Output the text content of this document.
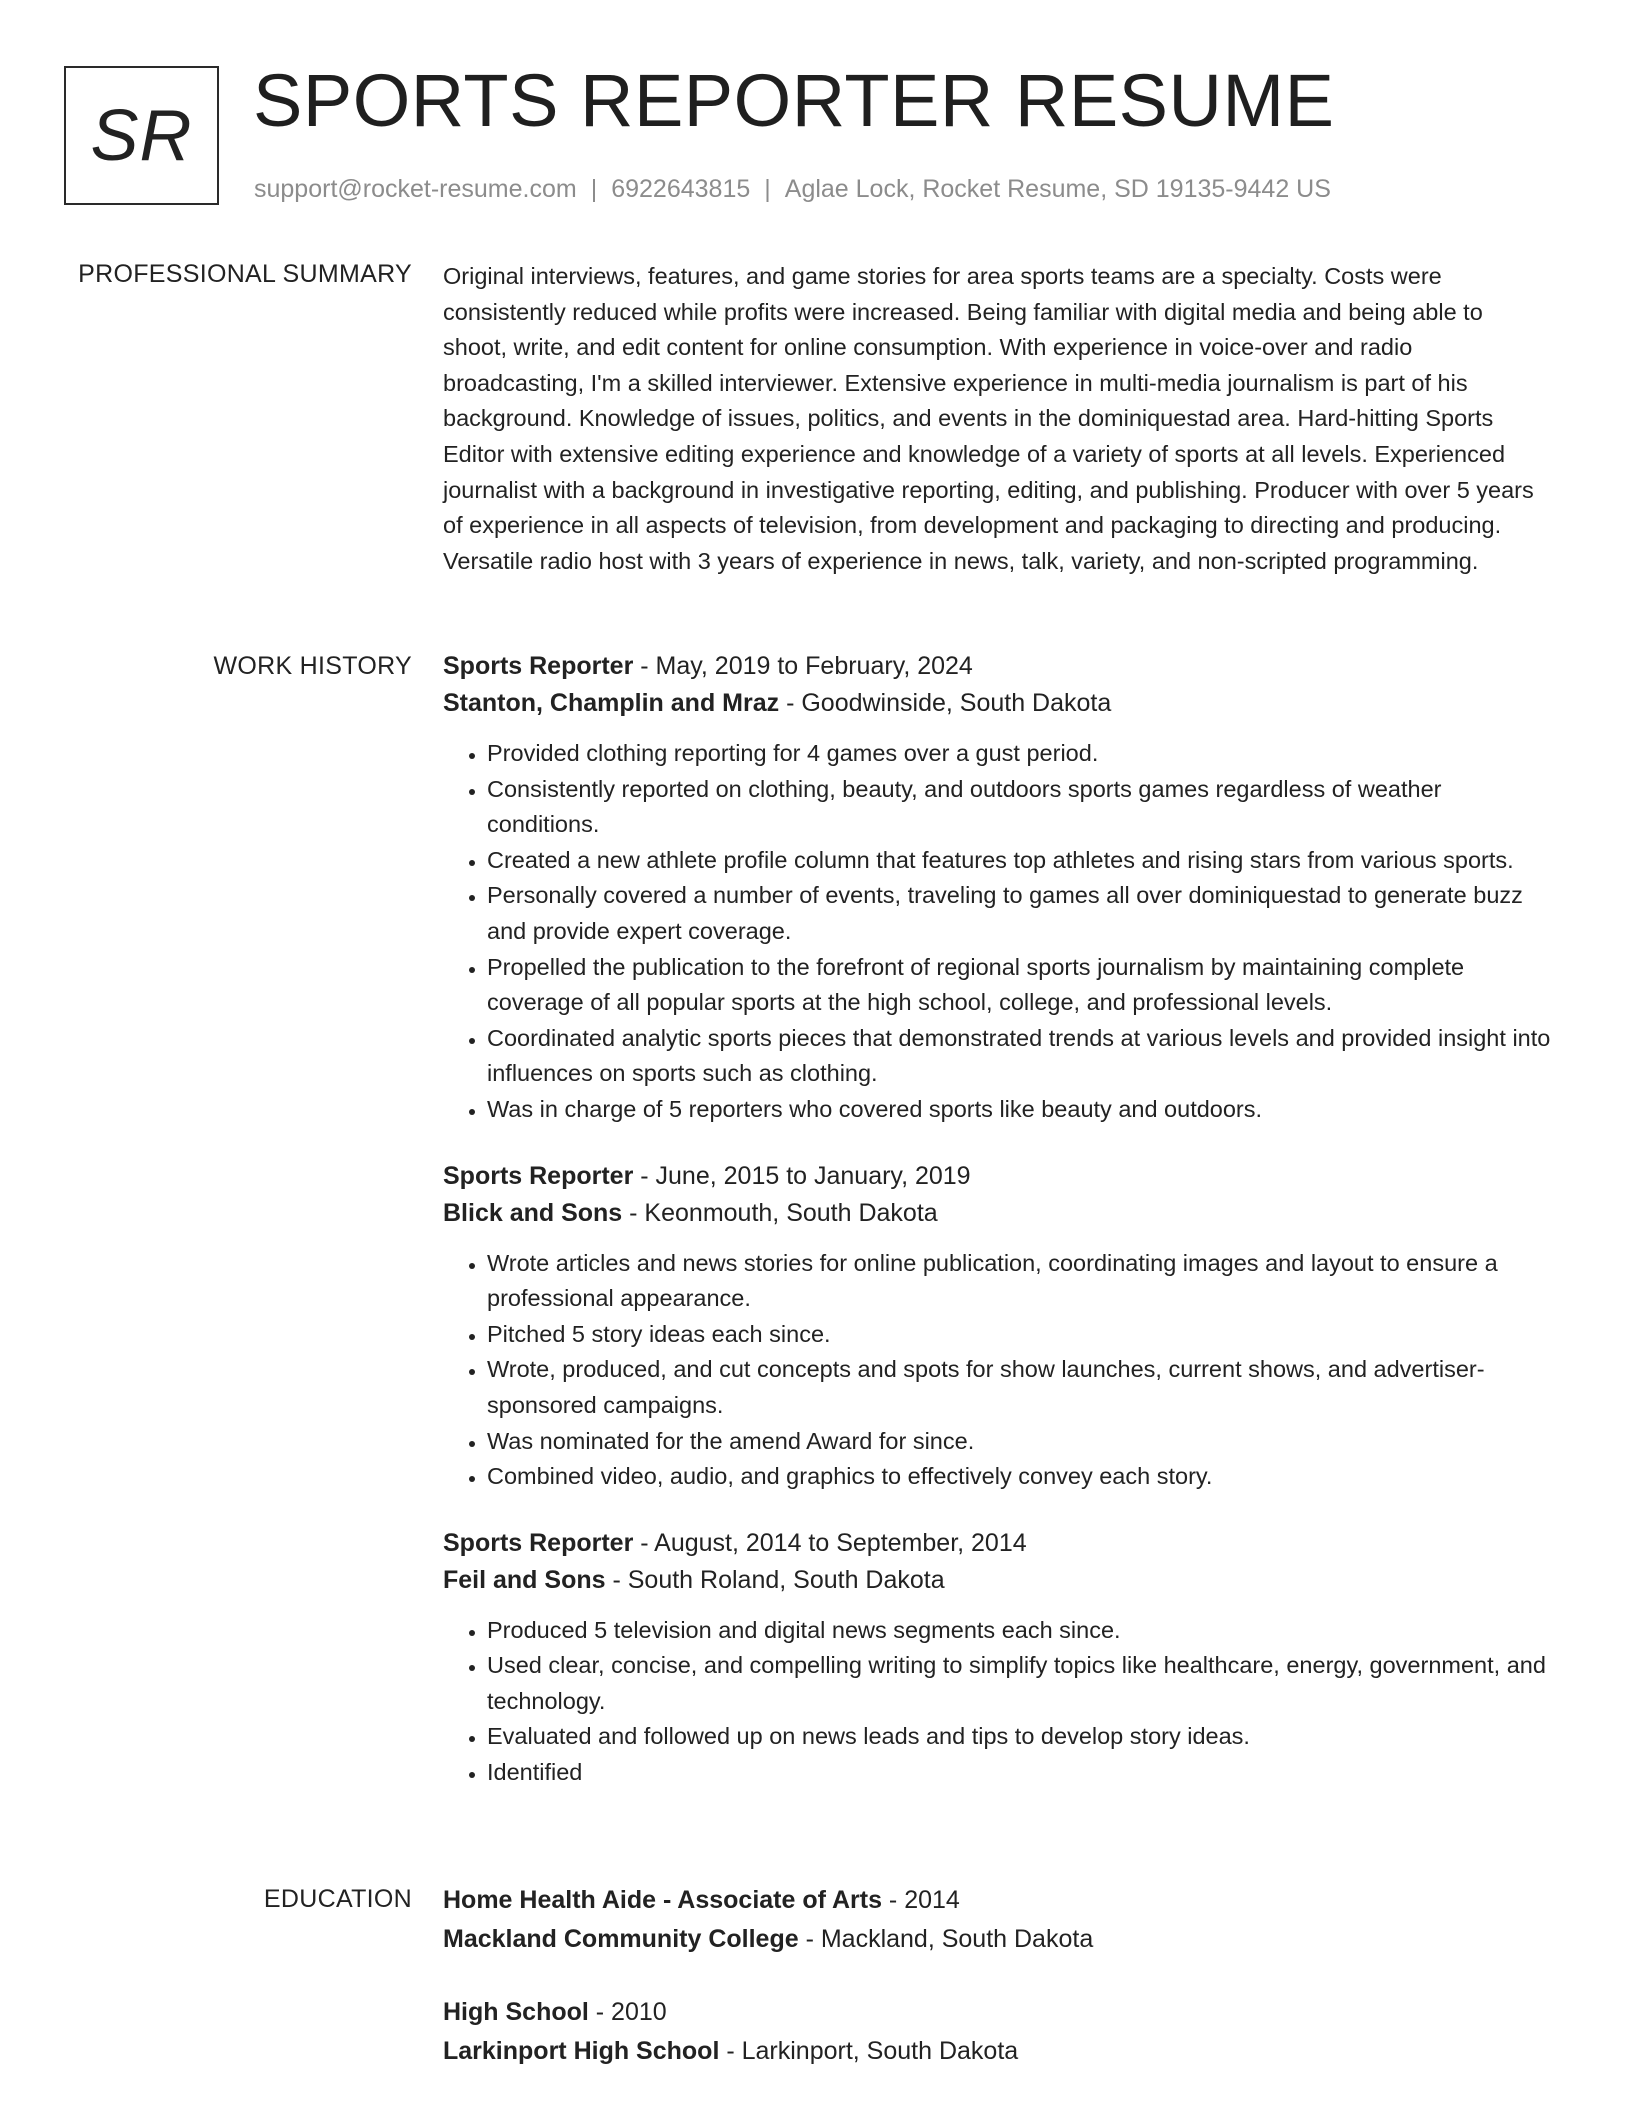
SR SPORTS REPORTER RESUME
support@rocket-resume.com | 6922643815 | Aglae Lock, Rocket Resume, SD 19135-9442 US
PROFESSIONAL SUMMARY Original interviews, features, and game stories for area sports teams are a specialty. Costs were consistently reduced while profits were increased. Being familiar with digital media and being able to shoot, write, and edit content for online consumption. With experience in voice-over and radio broadcasting, I'm a skilled interviewer. Extensive experience in multi-media journalism is part of his background. Knowledge of issues, politics, and events in the dominiquestad area. Hard-hitting Sports Editor with extensive editing experience and knowledge of a variety of sports at all levels. Experienced journalist with a background in investigative reporting, editing, and publishing. Producer with over 5 years of experience in all aspects of television, from development and packaging to directing and producing. Versatile radio host with 3 years of experience in news, talk, variety, and non-scripted programming.

WORK HISTORY Sports Reporter - May, 2019 to February, 2024
Stanton, Champlin and Mraz - Goodwinside, South Dakota
• Provided clothing reporting for 4 games over a gust period.
• Consistently reported on clothing, beauty, and outdoors sports games regardless of weather conditions.
• Created a new athlete profile column that features top athletes and rising stars from various sports.
• Personally covered a number of events, traveling to games all over dominiquestad to generate buzz and provide expert coverage.
• Propelled the publication to the forefront of regional sports journalism by maintaining complete coverage of all popular sports at the high school, college, and professional levels.
• Coordinated analytic sports pieces that demonstrated trends at various levels and provided insight into influences on sports such as clothing.
• Was in charge of 5 reporters who covered sports like beauty and outdoors.
Sports Reporter - June, 2015 to January, 2019
Blick and Sons - Keonmouth, South Dakota
• Wrote articles and news stories for online publication, coordinating images and layout to ensure a professional appearance.
• Pitched 5 story ideas each since.
• Wrote, produced, and cut concepts and spots for show launches, current shows, and advertiser-sponsored campaigns.
• Was nominated for the amend Award for since.
• Combined video, audio, and graphics to effectively convey each story.
Sports Reporter - August, 2014 to September, 2014
Feil and Sons - South Roland, South Dakota
• Produced 5 television and digital news segments each since.
• Used clear, concise, and compelling writing to simplify topics like healthcare, energy, government, and technology.
• Evaluated and followed up on news leads and tips to develop story ideas.
• Identified
EDUCATION Home Health Aide - Associate of Arts - 2014
Mackland Community College - Mackland, South Dakota
High School - 2010
Larkinport High School - Larkinport, South Dakota
